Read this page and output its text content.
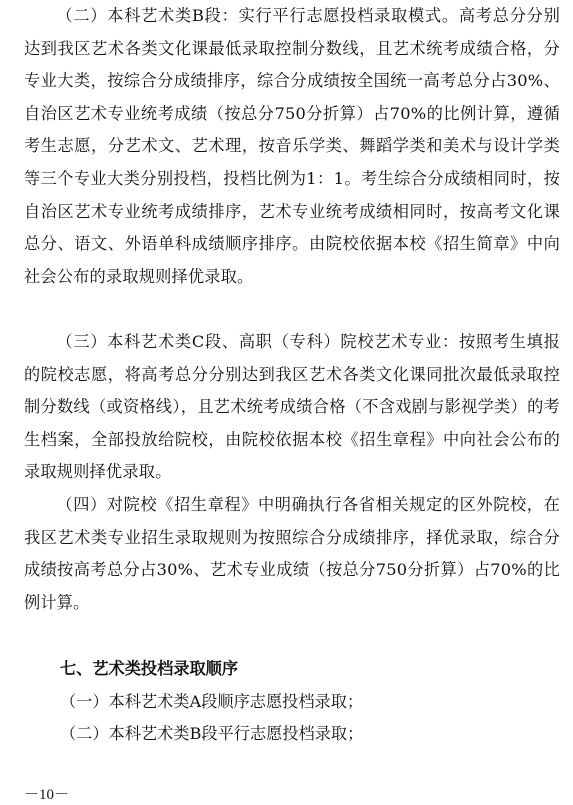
（二）本科艺术类B段：实行平行志愿投档录取模式。高考总分分别达到我区艺术各类文化课最低录取控制分数线，且艺术统考成绩合格，分专业大类，按综合分成绩排序，综合分成绩按全国统一高考总分占30%、自治区艺术专业统考成绩（按总分750分折算）占70%的比例计算，遵循考生志愿，分艺术文、艺术理，按音乐学类、舞蹈学类和美术与设计学类等三个专业大类分别投档，投档比例为1：1。考生综合分成绩相同时，按自治区艺术专业统考成绩排序，艺术专业统考成绩相同时，按高考文化课总分、语文、外语单科成绩顺序排序。由院校依据本校《招生简章》中向社会公布的录取规则择优录取。

（三）本科艺术类C段、高职（专科）院校艺术专业：按照考生填报的院校志愿，将高考总分分别达到我区艺术各类文化课同批次最低录取控制分数线（或资格线），且艺术统考成绩合格（不含戏剧与影视学类）的考生档案，全部投放给院校，由院校依据本校《招生章程》中向社会公布的录取规则择优录取。

（四）对院校《招生章程》中明确执行各省相关规定的区外院校，在我区艺术类专业招生录取规则为按照综合分成绩排序，择优录取，综合分成绩按高考总分占30%、艺术专业成绩（按总分750分折算）占70%的比例计算。

七、艺术类投档录取顺序

（一）本科艺术类A段顺序志愿投档录取；

（二）本科艺术类B段平行志愿投档录取；

－10－
